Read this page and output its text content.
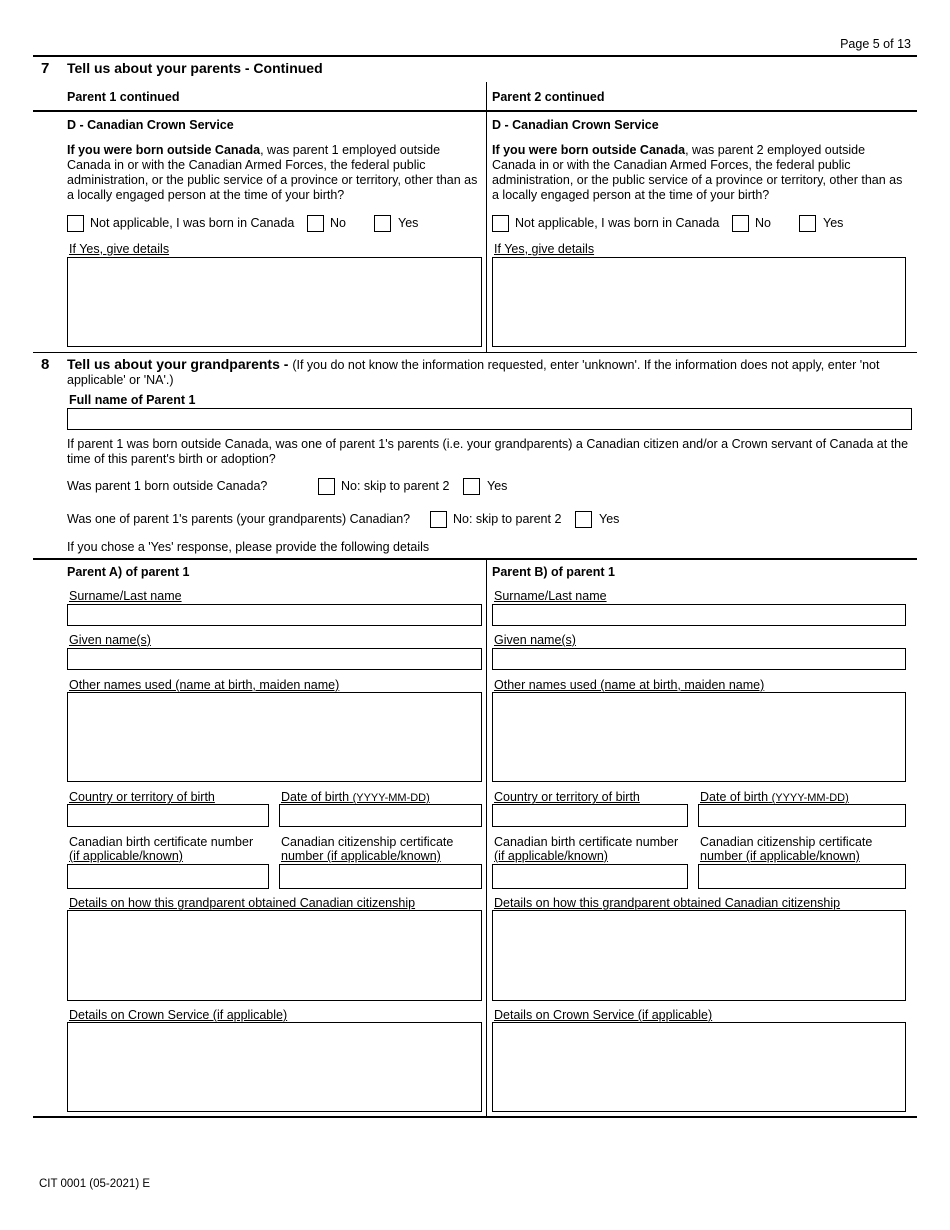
Page 5 of 13
7 Tell us about your parents - Continued
Parent 1 continued	Parent 2 continued
D - Canadian Crown Service
If you were born outside Canada, was parent 1 employed outside Canada in or with the Canadian Armed Forces, the federal public administration, or the public service of a province or territory, other than as a locally engaged person at the time of your birth?
Not applicable, I was born in Canada	No	Yes
If Yes, give details
D - Canadian Crown Service
If you were born outside Canada, was parent 2 employed outside Canada in or with the Canadian Armed Forces, the federal public administration, or the public service of a province or territory, other than as a locally engaged person at the time of your birth?
Not applicable, I was born in Canada	No	Yes
If Yes, give details
8 Tell us about your grandparents - (If you do not know the information requested, enter 'unknown'. If the information does not apply, enter 'not applicable' or 'NA'.)
Full name of Parent 1
If parent 1 was born outside Canada, was one of parent 1's parents (i.e. your grandparents) a Canadian citizen and/or a Crown servant of Canada at the time of this parent's birth or adoption?
Was parent 1 born outside Canada?	No: skip to parent 2	Yes
Was one of parent 1's parents (your grandparents) Canadian?	No: skip to parent 2	Yes
If you chose a 'Yes' response, please provide the following details
Parent A) of parent 1
Surname/Last name
Given name(s)
Other names used (name at birth, maiden name)
Country or territory of birth	Date of birth (YYYY-MM-DD)
Canadian birth certificate number
(if applicable/known)
Canadian citizenship certificate
number (if applicable/known)
Details on how this grandparent obtained Canadian citizenship
Details on Crown Service (if applicable)
Parent B) of parent 1
Surname/Last name
Given name(s)
Other names used (name at birth, maiden name)
Country or territory of birth	Date of birth (YYYY-MM-DD)
Canadian birth certificate number
(if applicable/known)
Canadian citizenship certificate
number (if applicable/known)
Details on how this grandparent obtained Canadian citizenship
Details on Crown Service (if applicable)
CIT 0001 (05-2021) E
